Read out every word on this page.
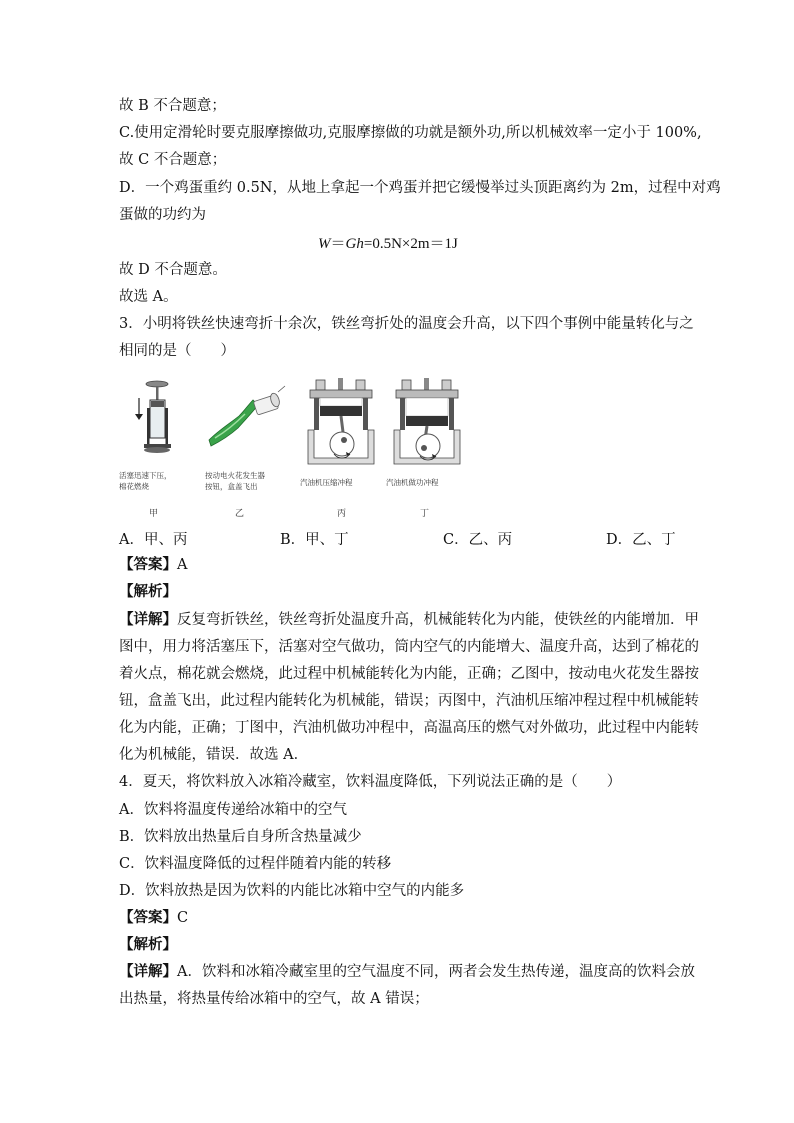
故 B 不合题意；
C.使用定滑轮时要克服摩擦做功,克服摩擦做的功就是额外功,所以机械效率一定小于 100%,
故 C 不合题意；
D．一个鸡蛋重约 0.5N，从地上拿起一个鸡蛋并把它缓慢举过头顶距离约为 2m，过程中对鸡
蛋做的功约为
W＝Gh=0.5N×2m＝1J
故 D 不合题意。
故选 A。
3．小明将铁丝快速弯折十余次，铁丝弯折处的温度会升高，以下四个事例中能量转化与之
相同的是（　　）
活塞迅速下压，
棉花燃烧
甲
按动电火花发生器
按钮，盒盖飞出
乙
汽油机压缩冲程
丙
汽油机做功冲程
丁
A．甲、丙	B．甲、丁	C．乙、丙	D．乙、丁
【答案】A
【解析】
【详解】反复弯折铁丝，铁丝弯折处温度升高，机械能转化为内能，使铁丝的内能增加．甲
图中，用力将活塞压下，活塞对空气做功，筒内空气的内能增大、温度升高，达到了棉花的
着火点，棉花就会燃烧，此过程中机械能转化为内能，正确；乙图中，按动电火花发生器按
钮，盒盖飞出，此过程内能转化为机械能，错误；丙图中，汽油机压缩冲程过程中机械能转
化为内能，正确；丁图中，汽油机做功冲程中，高温高压的燃气对外做功，此过程中内能转
化为机械能，错误．故选 A．
4．夏天，将饮料放入冰箱冷藏室，饮料温度降低，下列说法正确的是（　　）
A．饮料将温度传递给冰箱中的空气
B．饮料放出热量后自身所含热量减少
C．饮料温度降低的过程伴随着内能的转移
D．饮料放热是因为饮料的内能比冰箱中空气的内能多
【答案】C
【解析】
【详解】A．饮料和冰箱冷藏室里的空气温度不同，两者会发生热传递，温度高的饮料会放
出热量，将热量传给冰箱中的空气，故 A 错误；
